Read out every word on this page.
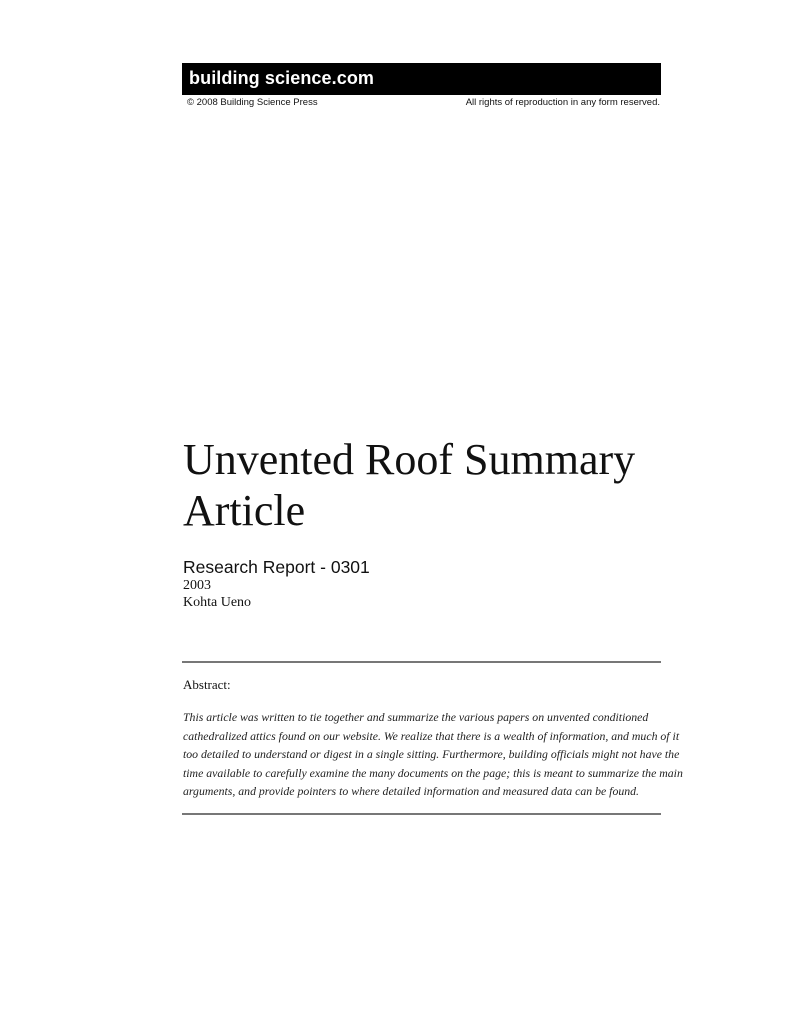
building science.com
© 2008 Building Science Press	All rights of reproduction in any form reserved.
Unvented Roof Summary Article
Research Report - 0301
2003
Kohta Ueno
Abstract:

This article was written to tie together and summarize the various papers on unvented conditioned cathedralized attics found on our website. We realize that there is a wealth of information, and much of it too detailed to understand or digest in a single sitting. Furthermore, building officials might not have the time available to carefully examine the many documents on the page; this is meant to summarize the main arguments, and provide pointers to where detailed information and measured data can be found.
